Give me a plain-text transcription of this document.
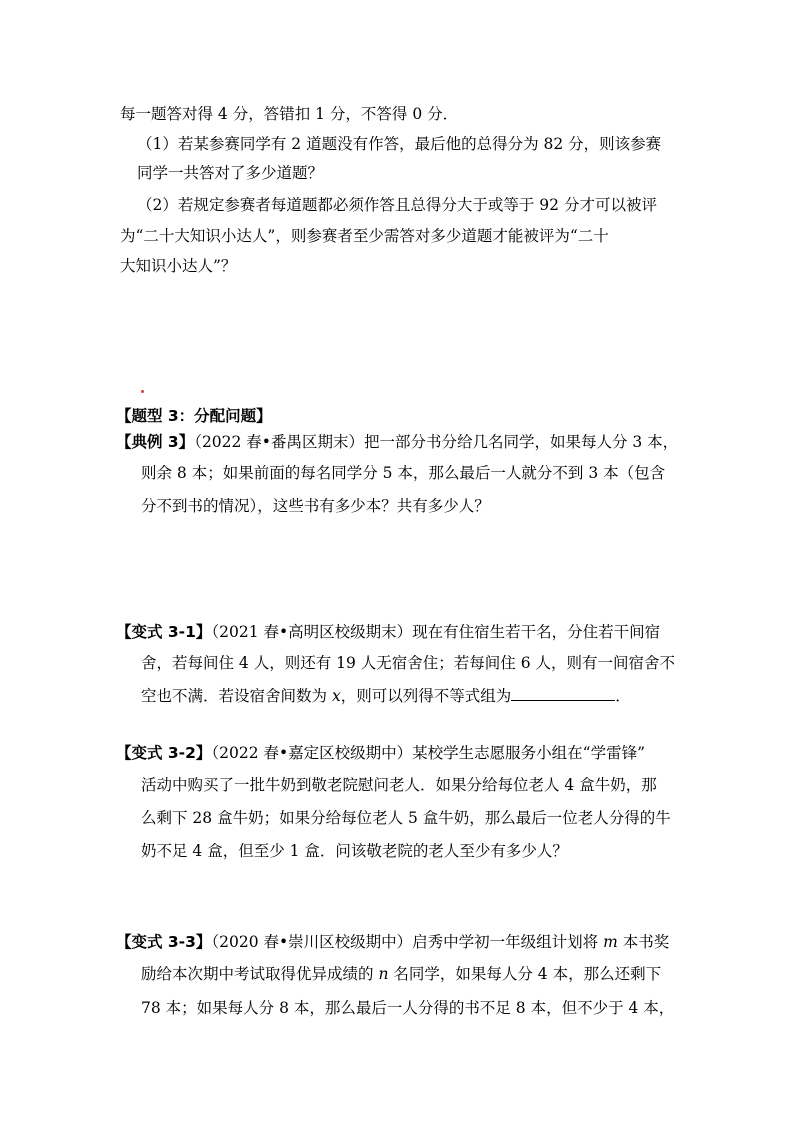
每一题答对得 4 分，答错扣 1 分，不答得 0 分．
（1）若某参赛同学有 2 道题没有作答，最后他的总得分为 82 分，则该参赛
同学一共答对了多少道题？
（2）若规定参赛者每道题都必须作答且总得分大于或等于 92 分才可以被评
为“二十大知识小达人”，则参赛者至少需答对多少道题才能被评为“二十
大知识小达人”？
【题型 3：分配问题】
【典例 3】（2022 春•番禺区期末）把一部分书分给几名同学，如果每人分 3 本，
则余 8 本；如果前面的每名同学分 5 本，那么最后一人就分不到 3 本（包含
分不到书的情况），这些书有多少本？共有多少人？
【变式 3-1】（2021 春•高明区校级期末）现在有住宿生若干名，分住若干间宿
舍，若每间住 4 人，则还有 19 人无宿舍住；若每间住 6 人，则有一间宿舍不
空也不满．若设宿舍间数为 x，则可以列得不等式组为	．
【变式 3-2】（2022 春•嘉定区校级期中）某校学生志愿服务小组在“学雷锋”
活动中购买了一批牛奶到敬老院慰问老人．如果分给每位老人 4 盒牛奶，那
么剩下 28 盒牛奶；如果分给每位老人 5 盒牛奶，那么最后一位老人分得的牛
奶不足 4 盒，但至少 1 盒．问该敬老院的老人至少有多少人？
【变式 3-3】（2020 春•崇川区校级期中）启秀中学初一年级组计划将 m 本书奖
励给本次期中考试取得优异成绩的 n 名同学，如果每人分 4 本，那么还剩下
78 本；如果每人分 8 本，那么最后一人分得的书不足 8 本，但不少于 4 本，
